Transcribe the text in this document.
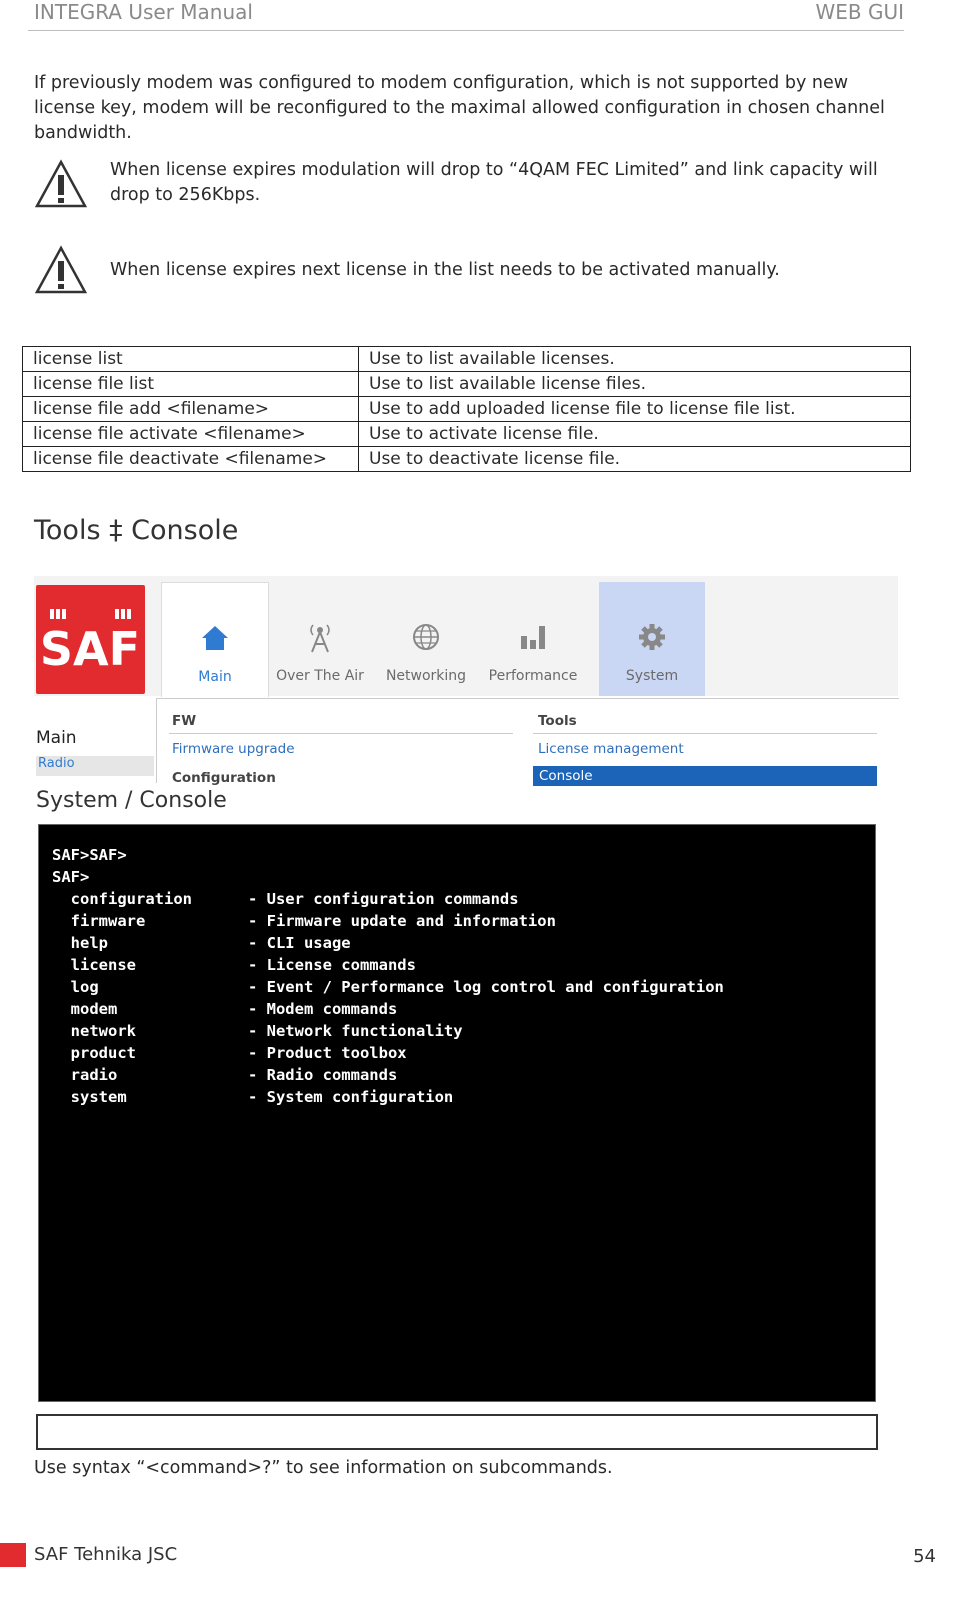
INTEGRA User Manual	WEB GUI
If previously modem was configured to modem configuration, which is not supported by new license key, modem will be reconfigured to the maximal allowed configuration in chosen channel bandwidth.
When license expires modulation will drop to “4QAM FEC Limited” and link capacity will drop to 256Kbps.
When license expires next license in the list needs to be activated manually.
license list	Use to list available licenses.
license file list	Use to list available license files.
license file add <filename>	Use to add uploaded license file to license file list.
license file activate <filename>	Use to activate license file.
license file deactivate <filename>	Use to deactivate license file.
Tools ‡ Console
SAF
Main	Over The Air	Networking	Performance	System
Main
Radio
FW
Firmware upgrade
Configuration
Tools
License management
Console
System / Console
SAF>SAF>
SAF>
configuration      - User configuration commands
firmware           - Firmware update and information
help               - CLI usage
license            - License commands
log                - Event / Performance log control and configuration
modem              - Modem commands
network            - Network functionality
product            - Product toolbox
radio              - Radio commands
system             - System configuration
Use syntax “<command>?” to see information on subcommands.
SAF Tehnika JSC	54
